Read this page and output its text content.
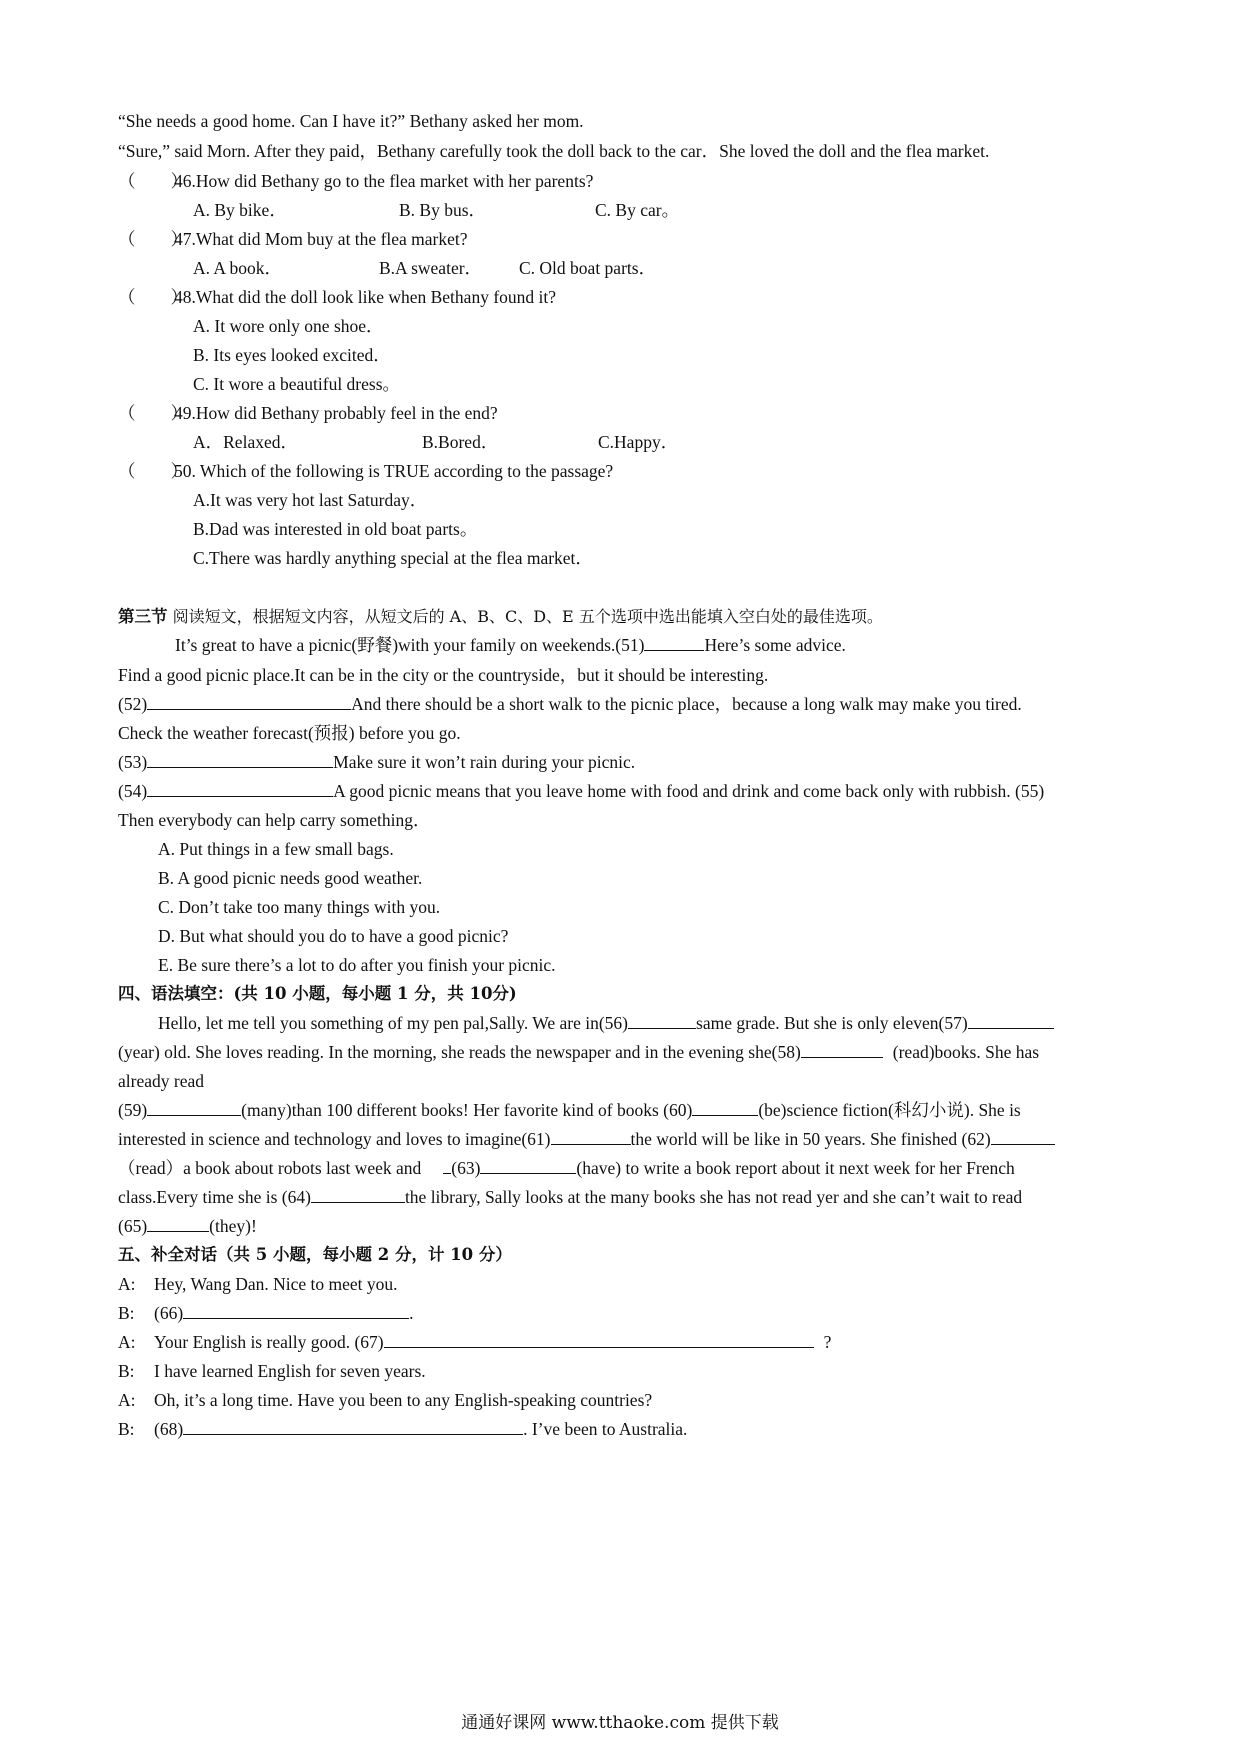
“She needs a good home. Can I have it?” Bethany asked her mom.
“Sure,” said Morn. After they paid，Bethany carefully took the doll back to the car．She loved the doll and the flea market.
（　　）46.How did Bethany go to the flea market with her parents?
A. By bike．	B. By bus．	C. By car。
（　　）47.What did Mom buy at the flea market?
A. A book．	B.A sweater． C. Old boat parts．
（　　）48.What did the doll look like when Bethany found it?
A. It wore only one shoe．
B. Its eyes looked excited．
C. It wore a beautiful dress。
（　　）49.How did Bethany probably feel in the end?
A．Relaxed．	B.Bored．	C.Happy．
（　　）50. Which of the following is TRUE according to the passage?
A.It was very hot last Saturday．
B.Dad was interested in old boat parts。
C.There was hardly anything special at the flea market．
第三节 阅读短文，根据短文内容，从短文后的 A、B、C、D、E 五个选项中选出能填入空白处的最佳选项。
It’s great to have a picnic(野餐)with your family on weekends.(51)	Here’s some advice.
Find a good picnic place.It can be in the city or the countryside，but it should be interesting.
(52)	And there should be a short walk to the picnic place，because a long walk may make you tired.
Check the weather forecast(预报) before you go.
(53)	Make sure it won’t rain during your picnic.
(54)	A good picnic means that you leave home with food and drink and come back only with rubbish. (55)
Then everybody can help carry something．
A. Put things in a few small bags.
B. A good picnic needs good weather.
C. Don’t take too many things with you.
D. But what should you do to have a good picnic?
E. Be sure there’s a lot to do after you finish your picnic.
四、语法填空：(共 10 小题，每小题 1 分，共 10分)
Hello, let me tell you something of my pen pal,Sally. We are in(56)	same grade. But she is only eleven(57)
(year) old. She loves reading. In the morning, she reads the newspaper and in the evening she(58)	(read)books. She has
already read
(59)	(many)than 100 different books! Her favorite kind of books (60)	(be)science fiction(科幻小说). She is
interested in science and technology and loves to imagine(61)	the world will be like in 50 years. She finished (62)
（read）a book about robots last week and (63)	(have) to write a book report about it next week for her French
class.Every time she is (64)	the library, Sally looks at the many books she has not read yer and she can’t wait to read
(65)	(they)!
五、补全对话（共 5 小题，每小题 2 分，计 10 分）
A: Hey, Wang Dan. Nice to meet you.
B: (66)	.
A: Your English is really good. (67)	?
B: I have learned English for seven years.
A: Oh, it’s a long time. Have you been to any English-speaking countries?
B: (68)	. I’ve been to Australia.
通通好课网 www.tthaoke.com 提供下载
